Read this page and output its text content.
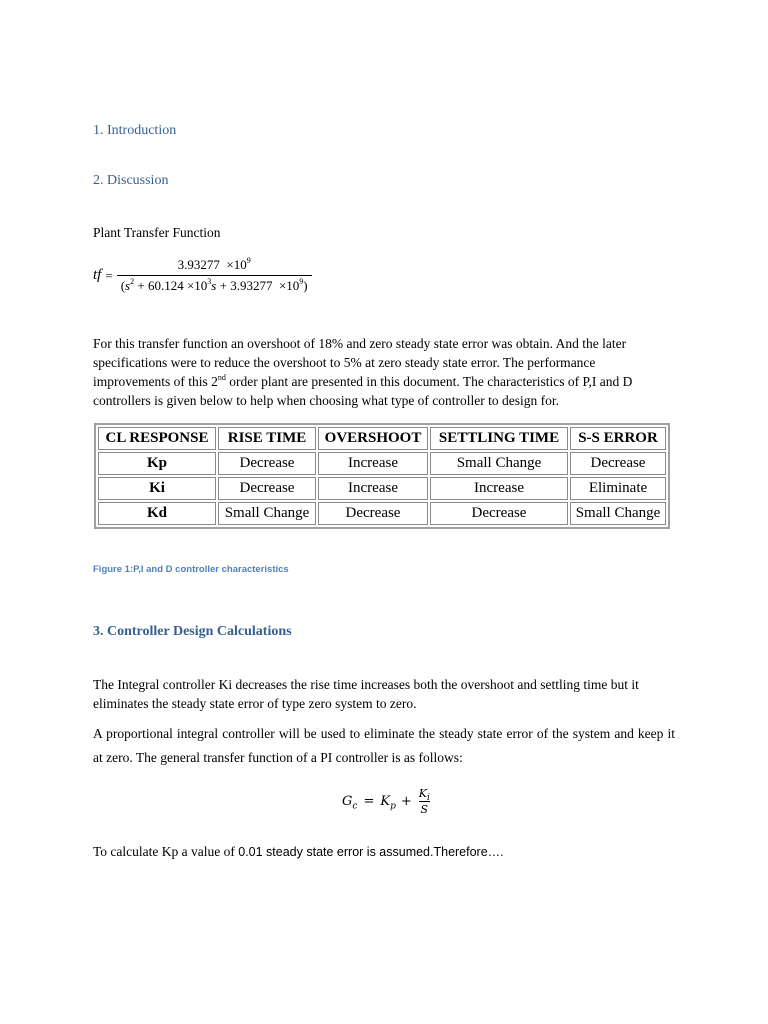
1. Introduction
2. Discussion
Plant Transfer Function
tf = $\frac{3.93277 \times 10^9}{(s^2 + 60.124 \times 10^3s + 3.93277 \times 10^9)}$
For this transfer function an overshoot of 18% and zero steady state error was obtain. And the later specifications were to reduce the overshoot to 5% at zero steady state error. The performance improvements of this 2nd order plant are presented in this document. The characteristics of P,I and D controllers is given below to help when choosing what type of controller to design for.
CL RESPONSE	RISE TIME	OVERSHOOT	SETTLING TIME	S-S ERROR
Kp	Decrease	Increase	Small Change	Decrease
Ki	Decrease	Increase	Increase	Eliminate
Kd	Small Change	Decrease	Decrease	Small Change
Figure 1:P,I and D controller characteristics
3. Controller Design Calculations
The Integral controller Ki decreases the rise time increases both the overshoot and settling time but it eliminates the steady state error of type zero system to zero.
A proportional integral controller will be used to eliminate the steady state error of the system and keep it at zero. The general transfer function of a PI controller is as follows:
$G_c = K_p + \frac{K_i}{S}$
To calculate Kp a value of 0.01 steady state error is assumed.Therefore….
